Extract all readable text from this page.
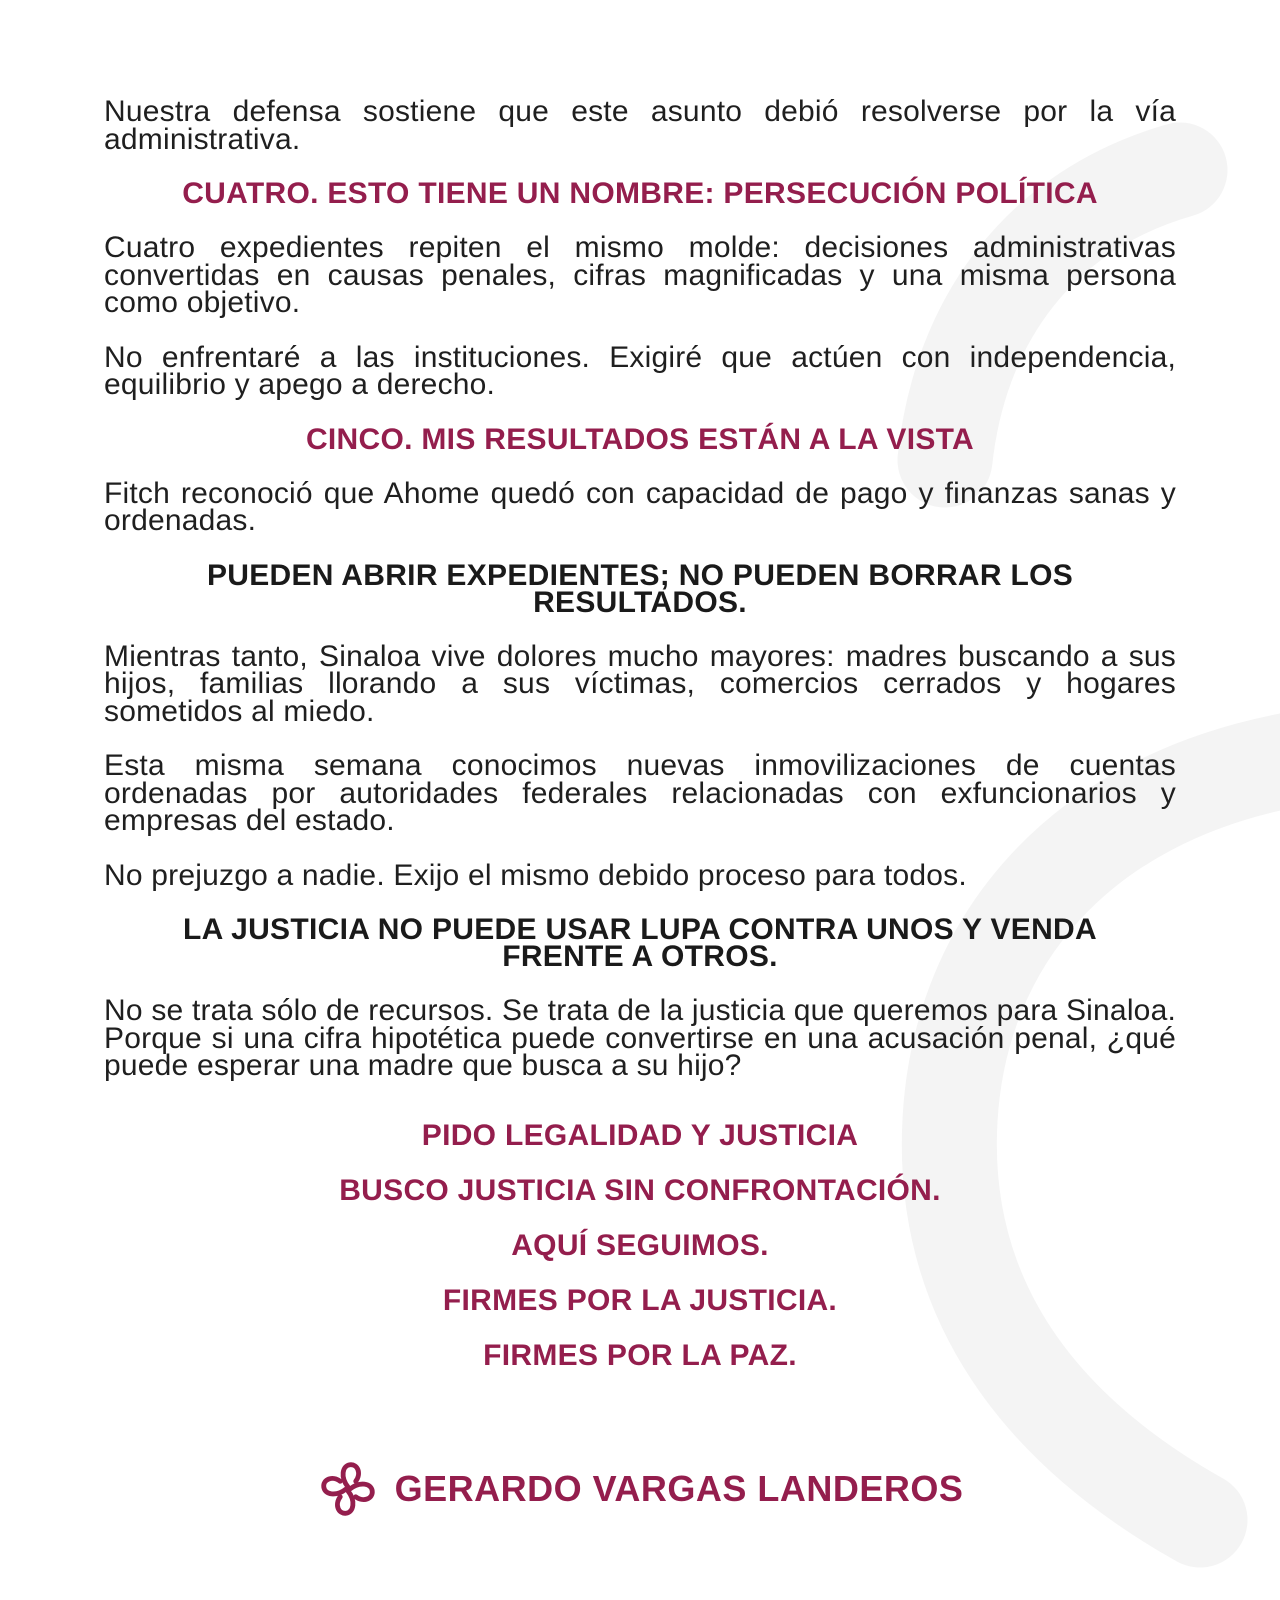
Nuestra defensa sostiene que este asunto debió resolverse por la vía administrativa.

CUATRO. ESTO TIENE UN NOMBRE: PERSECUCIÓN POLÍTICA

Cuatro expedientes repiten el mismo molde: decisiones administrativas convertidas en causas penales, cifras magnificadas y una misma persona como objetivo.

No enfrentaré a las instituciones. Exigiré que actúen con independencia, equilibrio y apego a derecho.

CINCO. MIS RESULTADOS ESTÁN A LA VISTA

Fitch reconoció que Ahome quedó con capacidad de pago y finanzas sanas y ordenadas.

PUEDEN ABRIR EXPEDIENTES; NO PUEDEN BORRAR LOS RESULTADOS.

Mientras tanto, Sinaloa vive dolores mucho mayores: madres buscando a sus hijos, familias llorando a sus víctimas, comercios cerrados y hogares sometidos al miedo.

Esta misma semana conocimos nuevas inmovilizaciones de cuentas ordenadas por autoridades federales relacionadas con exfuncionarios y empresas del estado.

No prejuzgo a nadie. Exijo el mismo debido proceso para todos.

LA JUSTICIA NO PUEDE USAR LUPA CONTRA UNOS Y VENDA FRENTE A OTROS.

No se trata sólo de recursos. Se trata de la justicia que queremos para Sinaloa. Porque si una cifra hipotética puede convertirse en una acusación penal, ¿qué puede esperar una madre que busca a su hijo?

PIDO LEGALIDAD Y JUSTICIA
BUSCO JUSTICIA SIN CONFRONTACIÓN.
AQUÍ SEGUIMOS.
FIRMES POR LA JUSTICIA.
FIRMES POR LA PAZ.
GERARDO VARGAS LANDEROS
